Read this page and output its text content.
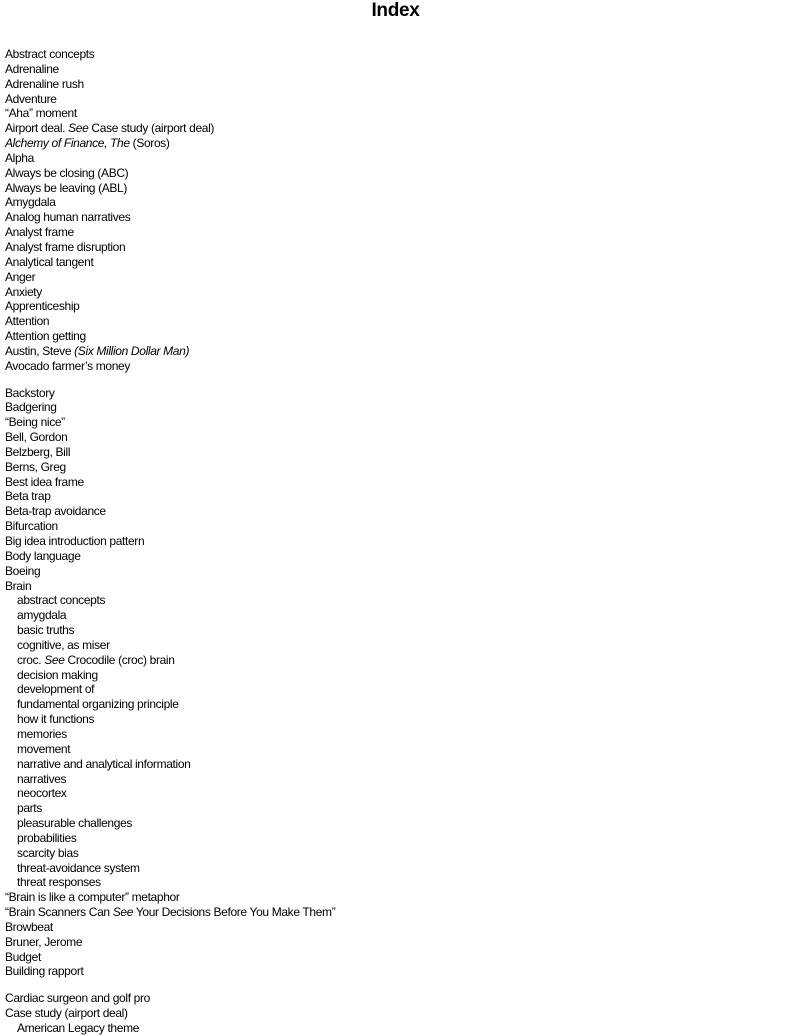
Index
Abstract concepts
Adrenaline
Adrenaline rush
Adventure
“Aha” moment
Airport deal. See Case study (airport deal)
Alchemy of Finance, The (Soros)
Alpha
Always be closing (ABC)
Always be leaving (ABL)
Amygdala
Analog human narratives
Analyst frame
Analyst frame disruption
Analytical tangent
Anger
Anxiety
Apprenticeship
Attention
Attention getting
Austin, Steve (Six Million Dollar Man)
Avocado farmer’s money
Backstory
Badgering
“Being nice”
Bell, Gordon
Belzberg, Bill
Berns, Greg
Best idea frame
Beta trap
Beta-trap avoidance
Bifurcation
Big idea introduction pattern
Body language
Boeing
Brain
abstract concepts
amygdala
basic truths
cognitive, as miser
croc. See Crocodile (croc) brain
decision making
development of
fundamental organizing principle
how it functions
memories
movement
narrative and analytical information
narratives
neocortex
parts
pleasurable challenges
probabilities
scarcity bias
threat-avoidance system
threat responses
“Brain is like a computer” metaphor
“Brain Scanners Can See Your Decisions Before You Make Them”
Browbeat
Bruner, Jerome
Budget
Building rapport
Cardiac surgeon and golf pro
Case study (airport deal)
American Legacy theme
